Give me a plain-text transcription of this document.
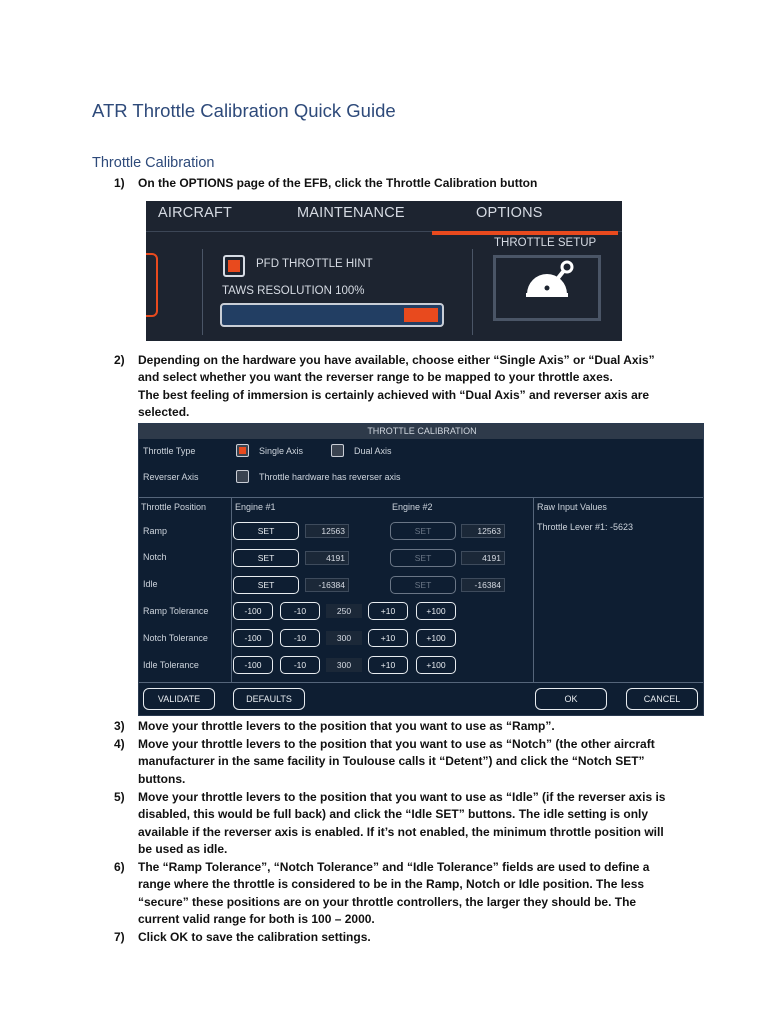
ATR Throttle Calibration Quick Guide
Throttle Calibration
1) On the OPTIONS page of the EFB, click the Throttle Calibration button
AIRCRAFT	MAINTENANCE	OPTIONS
PFD THROTTLE HINT
TAWS RESOLUTION 100%
THROTTLE SETUP
2) Depending on the hardware you have available, choose either “Single Axis” or “Dual Axis”
and select whether you want the reverser range to be mapped to your throttle axes.
The best feeling of immersion is certainly achieved with “Dual Axis” and reverser axis are
selected.
THROTTLE CALIBRATION
Throttle Type	Single Axis	Dual Axis
Reverser Axis	Throttle hardware has reverser axis
Throttle Position	Engine #1	Engine #2	Raw Input Values
Throttle Lever #1: -5623
Ramp	SET	12563	SET	12563
Notch	SET	4191	SET	4191
Idle	SET	-16384	SET	-16384
Ramp Tolerance	-100	-10	250	+10	+100
Notch Tolerance	-100	-10	300	+10	+100
Idle Tolerance	-100	-10	300	+10	+100
VALIDATE	DEFAULTS	OK	CANCEL
3) Move your throttle levers to the position that you want to use as “Ramp”.
4) Move your throttle levers to the position that you want to use as “Notch” (the other aircraft
manufacturer in the same facility in Toulouse calls it “Detent”) and click the “Notch SET”
buttons.
5) Move your throttle levers to the position that you want to use as “Idle” (if the reverser axis is
disabled, this would be full back) and click the “Idle SET” buttons. The idle setting is only
available if the reverser axis is enabled. If it’s not enabled, the minimum throttle position will
be used as idle.
6) The “Ramp Tolerance”, “Notch Tolerance” and “Idle Tolerance” fields are used to define a
range where the throttle is considered to be in the Ramp, Notch or Idle position. The less
“secure” these positions are on your throttle controllers, the larger they should be. The
current valid range for both is 100 – 2000.
7) Click OK to save the calibration settings.
